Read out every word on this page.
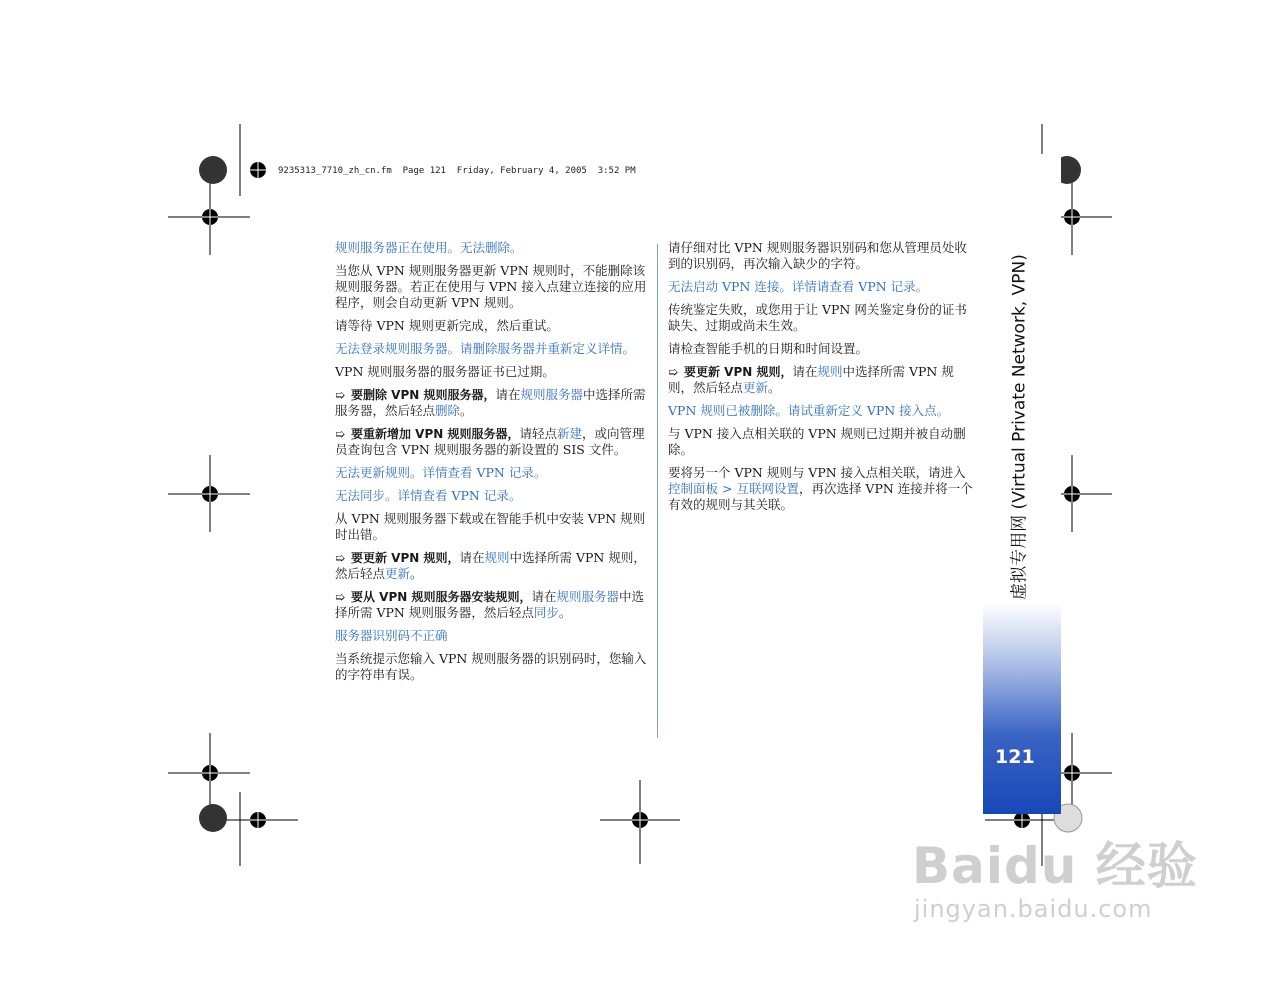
9235313_7710_zh_cn.fm  Page 121  Friday, February 4, 2005  3:52 PM

规则服务器正在使用。无法删除。

当您从 VPN 规则服务器更新 VPN 规则时，不能删除该规则服务器。若正在使用与 VPN 接入点建立连接的应用程序，则会自动更新 VPN 规则。

请等待 VPN 规则更新完成，然后重试。

无法登录规则服务器。请删除服务器并重新定义详情。

VPN 规则服务器的服务器证书已过期。

➯ 要删除 VPN 规则服务器，请在规则服务器中选择所需服务器，然后轻点删除。

➯ 要重新增加 VPN 规则服务器，请轻点新建，或向管理员查询包含 VPN 规则服务器的新设置的 SIS 文件。

无法更新规则。详情查看 VPN 记录。

无法同步。详情查看 VPN 记录。

从 VPN 规则服务器下载或在智能手机中安装 VPN 规则时出错。

➯ 要更新 VPN 规则，请在规则中选择所需 VPN 规则，然后轻点更新。

➯ 要从 VPN 规则服务器安装规则，请在规则服务器中选择所需 VPN 规则服务器，然后轻点同步。

服务器识别码不正确

当系统提示您输入 VPN 规则服务器的识别码时，您输入的字符串有误。

请仔细对比 VPN 规则服务器识别码和您从管理员处收到的识别码，再次输入缺少的字符。

无法启动 VPN 连接。详情请查看 VPN 记录。

传统鉴定失败，或您用于让 VPN 网关鉴定身份的证书缺失、过期或尚未生效。

请检查智能手机的日期和时间设置。

➯ 要更新 VPN 规则，请在规则中选择所需 VPN 规则，然后轻点更新。

VPN 规则已被删除。请试重新定义 VPN 接入点。

与 VPN 接入点相关联的 VPN 规则已过期并被自动删除。

要将另一个 VPN 规则与 VPN 接入点相关联，请进入控制面板 > 互联网设置，再次选择 VPN 连接并将一个有效的规则与其关联。	虚拟专用网 (Virtual Private Network, VPN)
121
Baidu 经验
jingyan.baidu.com
